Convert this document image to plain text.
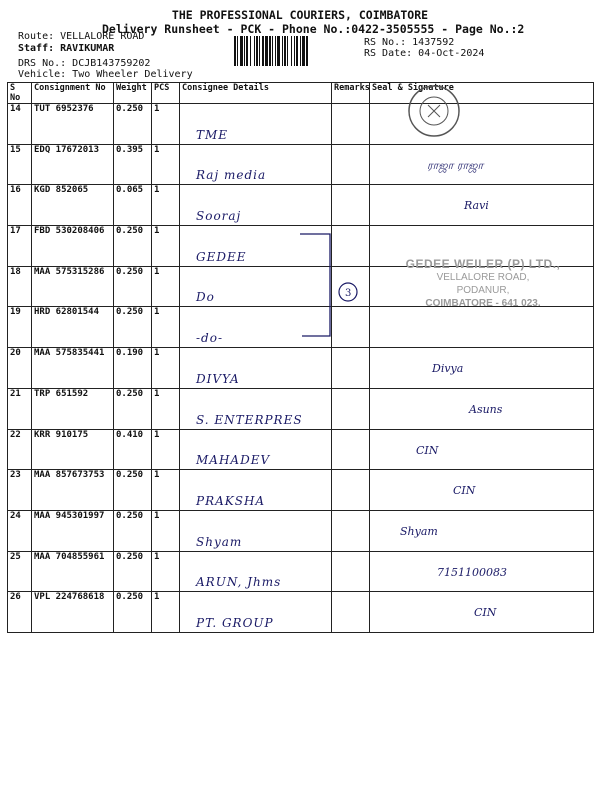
THE PROFESSIONAL COURIERS, COIMBATORE
Delivery Runsheet - PCK - Phone No.:0422-3505555 - Page No.:2
Route: VELLALORE ROAD
Staff: RAVIKUMAR
DRS No.: DCJB143759202
Vehicle: Two Wheeler Delivery
RS No.: 1437592
RS Date: 04-Oct-2024
S No	Consignment No	Weight	PCS	Consignee Details	Remarks	Seal & Signature
14	TUT 6952376	0.250	1	TME		

15	EDQ 17672013	0.395	1	Raj media		ராஜா ராஜா

16	KGD 852065	0.065	1	Sooraj		Ravi

17	FBD 530208406	0.250	1	GEDEE		

18	MAA 575315286	0.250	1	Do		

19	HRD 62801544	0.250	1	-do-		

20	MAA 575835441	0.190	1	DIVYA		Divya

21	TRP 651592	0.250	1	S. ENTERPRES		Asuns

22	KRR 910175	0.410	1	MAHADEV		CIN

23	MAA 857673753	0.250	1	PRAKSHA		CIN

24	MAA 945301997	0.250	1	Shyam		Shyam

25	MAA 704855961	0.250	1	ARUN, Jhms		7151100083

26	VPL 224768618	0.250	1	PT. GROUP		CIN
3
GEDEE WEILER (P) LTD.,
VELLALORE ROAD,
PODANUR,
COIMBATORE - 641 023.
